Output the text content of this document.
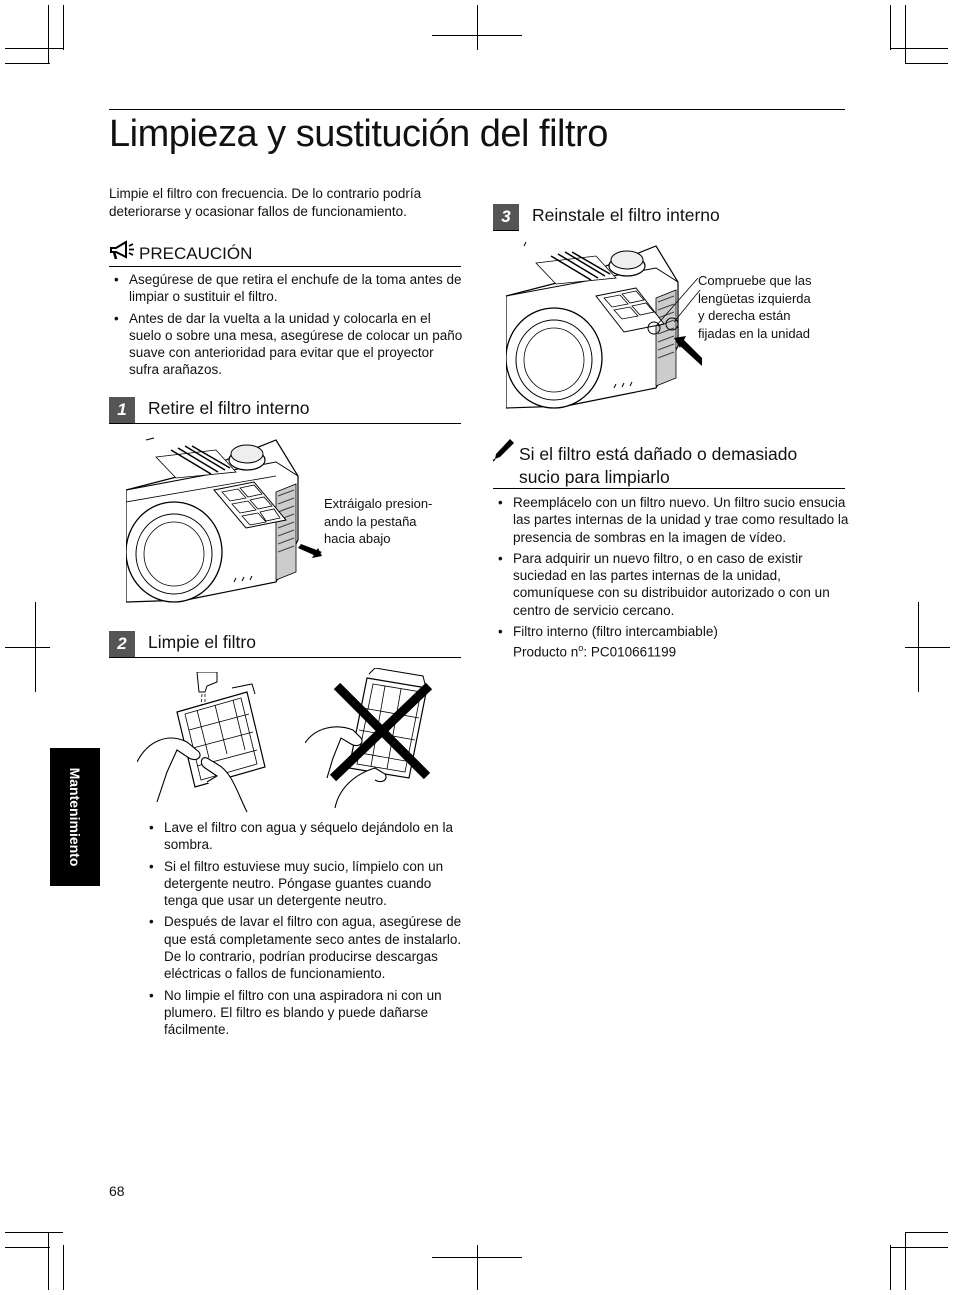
Limpieza y sustitución del filtro
Limpie el filtro con frecuencia. De lo contrario podría deteriorarse y ocasionar fallos de funcionamiento.
PRECAUCIÓN
• Asegúrese de que retira el enchufe de la toma antes de limpiar o sustituir el filtro.
• Antes de dar la vuelta a la unidad y colocarla en el suelo o sobre una mesa, asegúrese de colocar un paño suave con anterioridad para evitar que el proyector sufra arañazos.
1	Retire el filtro interno
Extráigalo presion-
ando la pestaña
hacia abajo
2	Limpie el filtro
• Lave el filtro con agua y séquelo dejándolo en la sombra.
• Si el filtro estuviese muy sucio, límpielo con un detergente neutro. Póngase guantes cuando tenga que usar un detergente neutro.
• Después de lavar el filtro con agua, asegúrese de que está completamente seco antes de instalarlo. De lo contrario, podrían producirse descargas eléctricas o fallos de funcionamiento.
• No limpie el filtro con una aspiradora ni con un plumero. El filtro es blando y puede dañarse fácilmente.
3	Reinstale el filtro interno
Compruebe que las
lengüetas izquierda
y derecha están
fijadas en la unidad
Si el filtro está dañado o demasiado sucio para limpiarlo
• Reemplácelo con un filtro nuevo. Un filtro sucio ensucia las partes internas de la unidad y trae como resultado la presencia de sombras en la imagen de vídeo.
• Para adquirir un nuevo filtro, o en caso de existir suciedad en las partes internas de la unidad, comuníquese con su distribuidor autorizado o con un centro de servicio cercano.
• Filtro interno (filtro intercambiable)
Producto $n^o$: PC010661199
Mantenimiento
68
